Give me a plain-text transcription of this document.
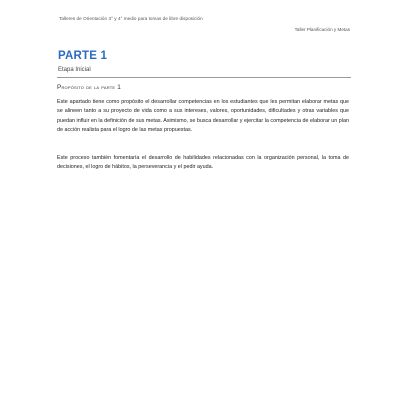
Talleres de Orientación 3° y 4° medio para tomas de libre disposición
Taller Planificación y Metas
PARTE 1
Etapa Inicial
Propósito de la parte 1

Este apartado tiene como propósito el desarrollar competencias en los estudiantes que les permitan elaborar metas que se alineen tanto a su proyecto de vida como a sus intereses, valores, oportunidades, dificultades y otras variables que puedan influir en la definición de sus metas. Asimismo, se busca desarrollar y ejercitar la competencia de elaborar un plan de acción realista para el logro de las metas propuestas.

Este proceso también fomentaría el desarrollo de habilidades relacionadas con la organización personal, la toma de decisiones, el logro de hábitos, la perseverancia y el pedir ayuda.
